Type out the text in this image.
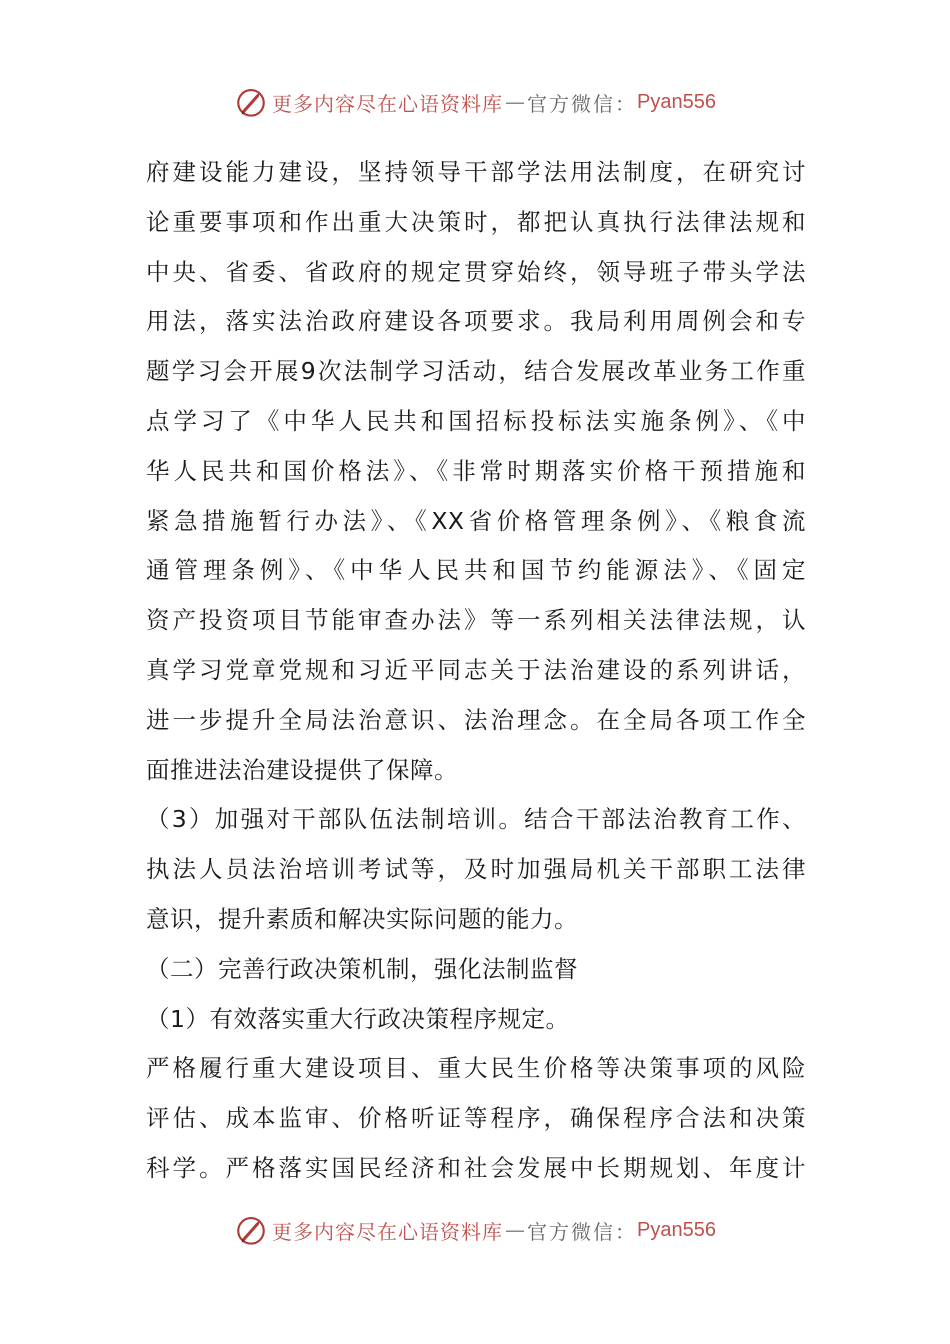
更多内容尽在心语资料库 — 官方微信： Pyan556
府建设能力建设，坚持领导干部学法用法制度，在研究讨
论重要事项和作出重大决策时，都把认真执行法律法规和
中央、省委、省政府的规定贯穿始终，领导班子带头学法
用法，落实法治政府建设各项要求。我局利用周例会和专
题学习会开展9次法制学习活动，结合发展改革业务工作重
点学习了《中华人民共和国招标投标法实施条例》、《中
华人民共和国价格法》、《非常时期落实价格干预措施和
紧急措施暂行办法》、《XX省价格管理条例》、《粮食流
通管理条例》、《中华人民共和国节约能源法》、《固定
资产投资项目节能审查办法》等一系列相关法律法规，认
真学习党章党规和习近平同志关于法治建设的系列讲话，
进一步提升全局法治意识、法治理念。在全局各项工作全
面推进法治建设提供了保障。
（3）加强对干部队伍法制培训。结合干部法治教育工作、
执法人员法治培训考试等，及时加强局机关干部职工法律
意识，提升素质和解决实际问题的能力。
（二）完善行政决策机制，强化法制监督
（1）有效落实重大行政决策程序规定。
严格履行重大建设项目、重大民生价格等决策事项的风险
评估、成本监审、价格听证等程序，确保程序合法和决策
科学。严格落实国民经济和社会发展中长期规划、年度计
更多内容尽在心语资料库 — 官方微信： Pyan556
